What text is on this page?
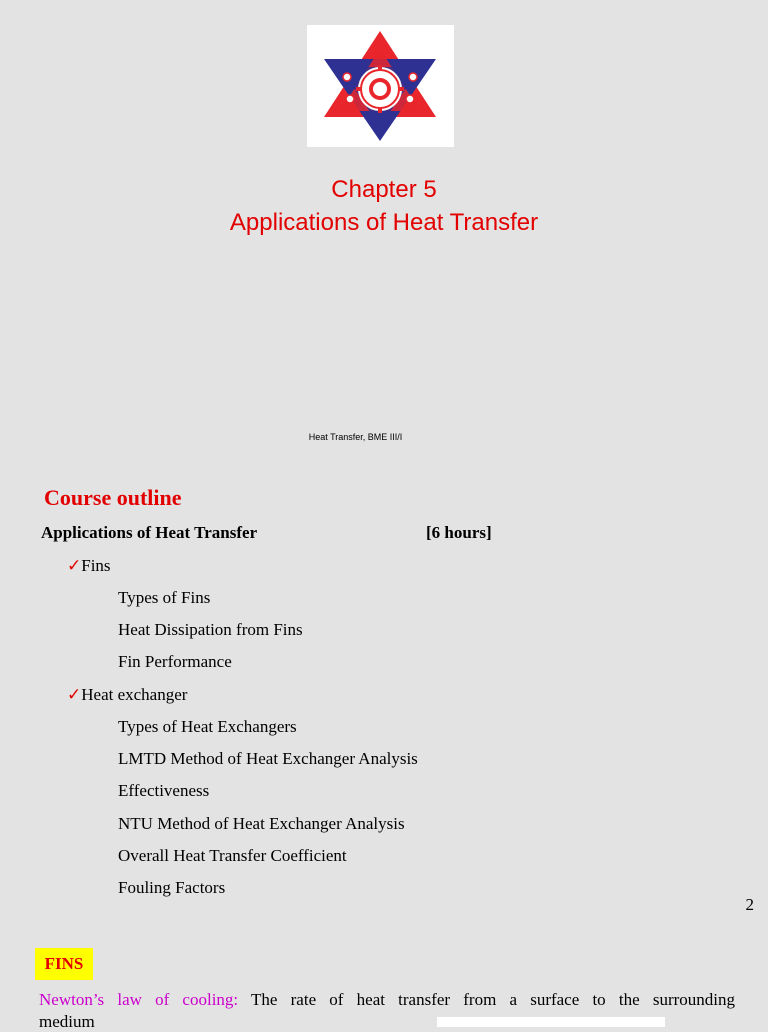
Chapter 5
Applications of Heat Transfer
Heat Transfer, BME III/I
Course outline
Applications of Heat Transfer	[6 hours]
✓Fins
Types of Fins
Heat Dissipation from Fins
Fin Performance
✓Heat exchanger
Types of Heat Exchangers
LMTD Method of Heat Exchanger Analysis
Effectiveness
NTU Method of Heat Exchanger Analysis
Overall Heat Transfer Coefficient
Fouling Factors
2
FINS
Newton’s law of cooling: The rate of heat transfer from a surface to the surrounding
medium
